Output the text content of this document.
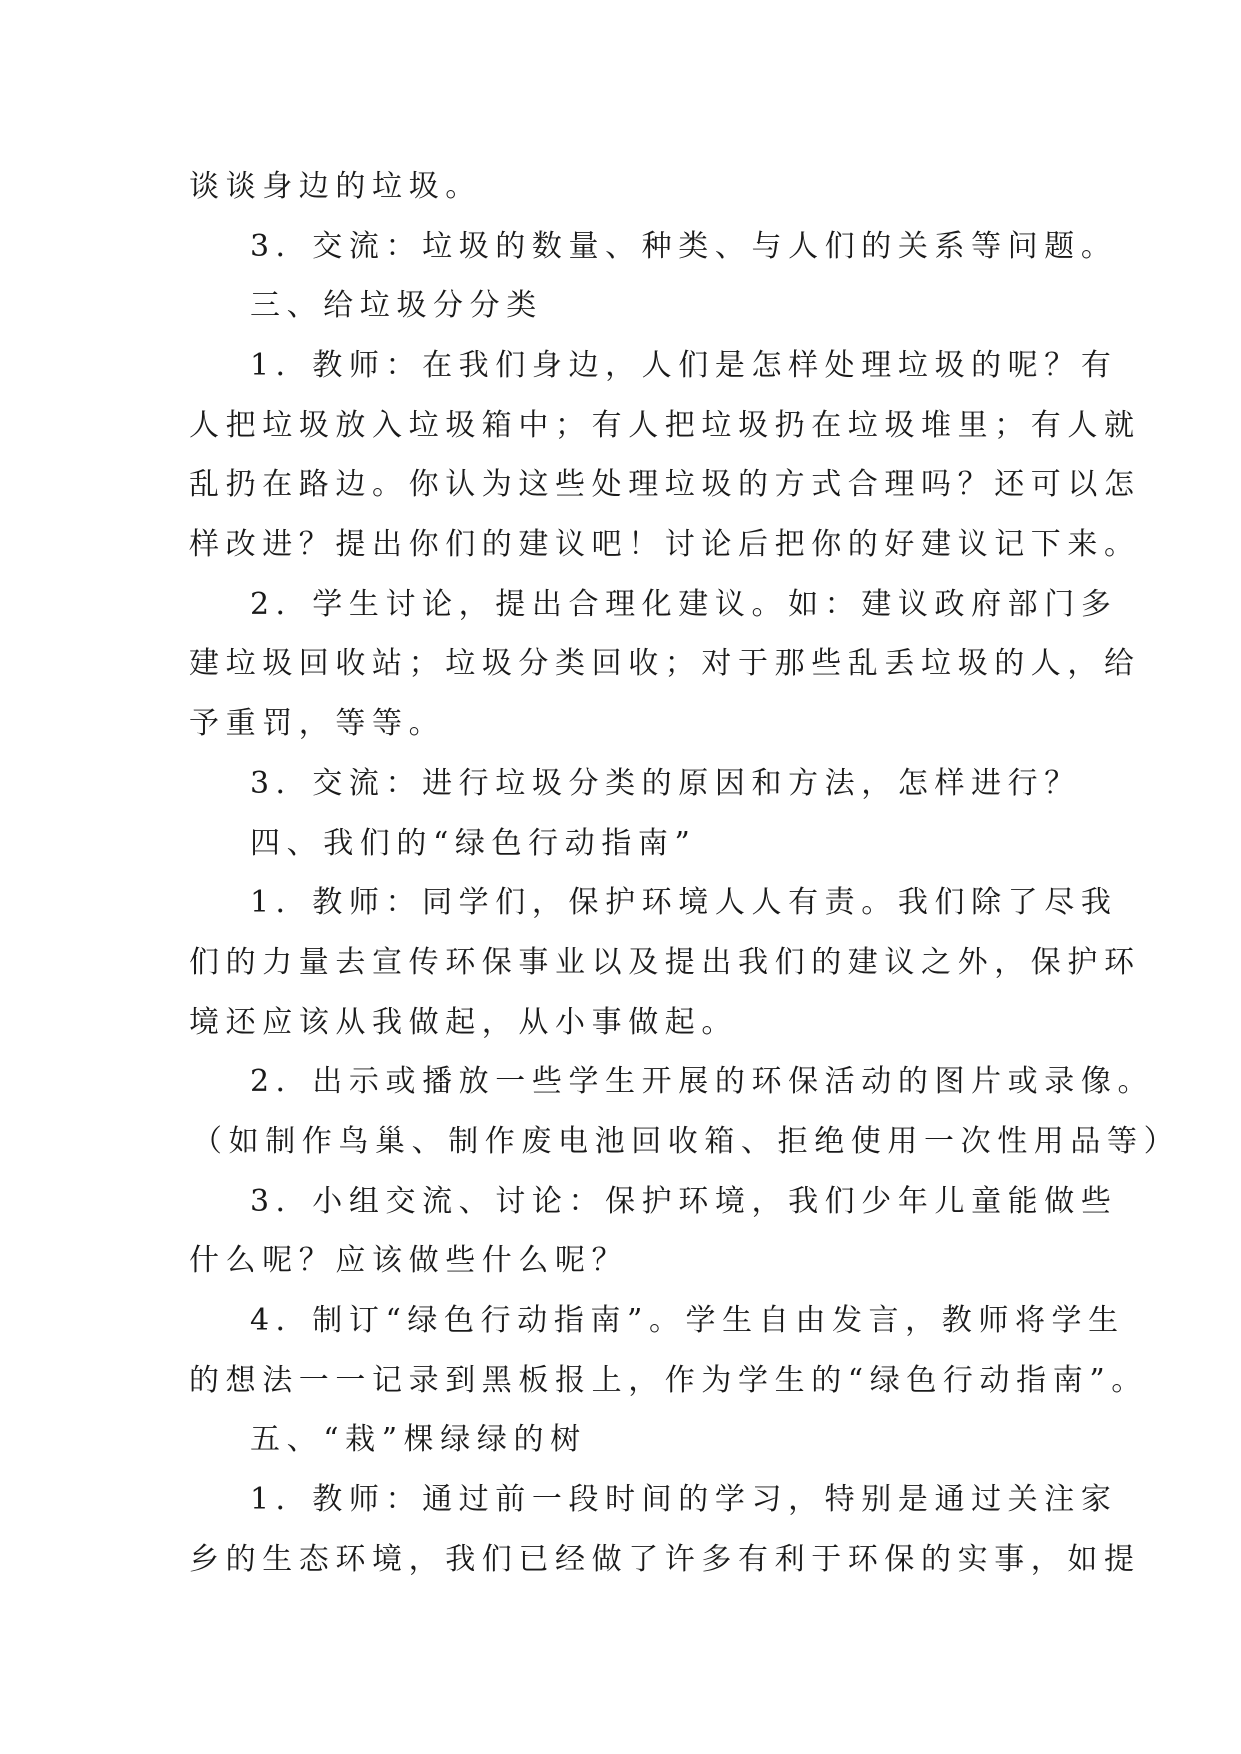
谈谈身边的垃圾。
3．交流：垃圾的数量、种类、与人们的关系等问题。
三、给垃圾分分类
1．教师：在我们身边，人们是怎样处理垃圾的呢？有
人把垃圾放入垃圾箱中；有人把垃圾扔在垃圾堆里；有人就
乱扔在路边。你认为这些处理垃圾的方式合理吗？还可以怎
样改进？提出你们的建议吧！讨论后把你的好建议记下来。
2．学生讨论，提出合理化建议。如：建议政府部门多
建垃圾回收站；垃圾分类回收；对于那些乱丢垃圾的人，给
予重罚，等等。
3．交流：进行垃圾分类的原因和方法，怎样进行？
四、我们的“绿色行动指南”
1．教师：同学们，保护环境人人有责。我们除了尽我
们的力量去宣传环保事业以及提出我们的建议之外，保护环
境还应该从我做起，从小事做起。
2．出示或播放一些学生开展的环保活动的图片或录像。
（如制作鸟巢、制作废电池回收箱、拒绝使用一次性用品等）
3．小组交流、讨论：保护环境，我们少年儿童能做些
什么呢？应该做些什么呢？
4．制订“绿色行动指南”。学生自由发言，教师将学生
的想法一一记录到黑板报上，作为学生的“绿色行动指南”。
五、“栽”棵绿绿的树
1．教师：通过前一段时间的学习，特别是通过关注家
乡的生态环境，我们已经做了许多有利于环保的实事，如提
